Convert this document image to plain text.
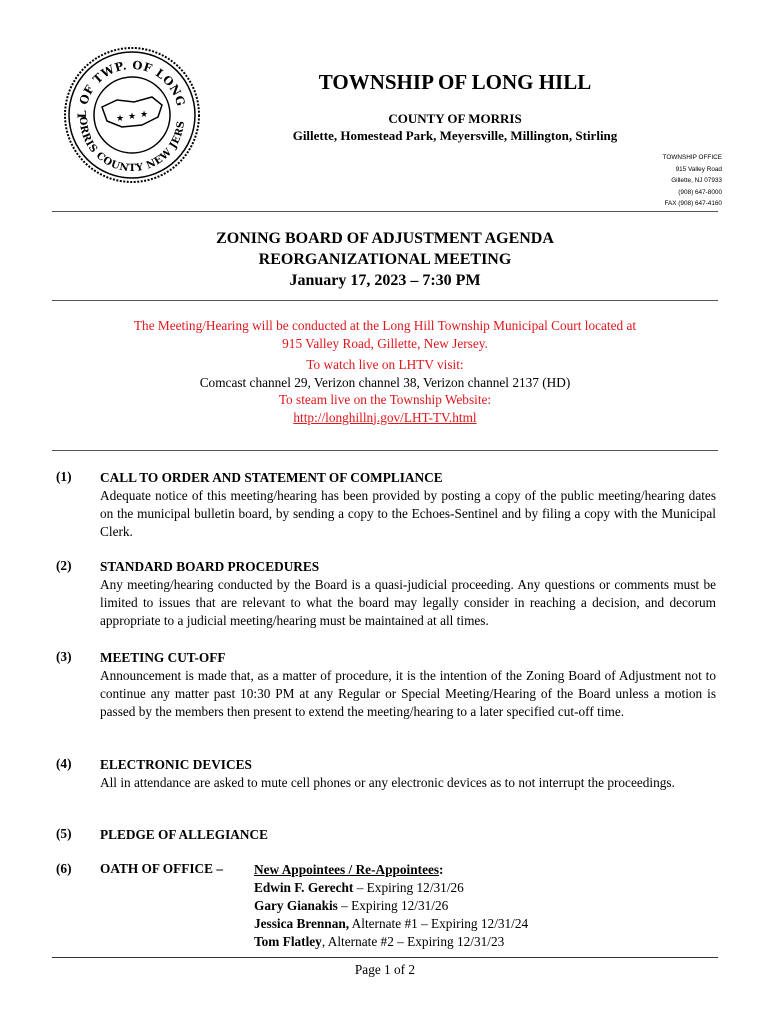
L OF TWP. OF LONG
ORRIS COUNTY NEW JERS
★ ★ ★
TOWNSHIP OF LONG HILL
COUNTY OF MORRIS
Gillette, Homestead Park, Meyersville, Millington, Stirling
TOWNSHIP OFFICE
915 Valley Road
Gillette, NJ 07933
(908) 647-8000
FAX (908) 647-4160
ZONING BOARD OF ADJUSTMENT AGENDA
REORGANIZATIONAL MEETING
January 17, 2023 – 7:30 PM
The Meeting/Hearing will be conducted at the Long Hill Township Municipal Court located at
915 Valley Road, Gillette, New Jersey.
To watch live on LHTV visit:
Comcast channel 29, Verizon channel 38, Verizon channel 2137 (HD)
To steam live on the Township Website:
http://longhillnj.gov/LHT-TV.html
(1) CALL TO ORDER AND STATEMENT OF COMPLIANCE
Adequate notice of this meeting/hearing has been provided by posting a copy of the public meeting/hearing dates on the municipal bulletin board, by sending a copy to the Echoes-Sentinel and by filing a copy with the Municipal Clerk.
(2) STANDARD BOARD PROCEDURES
Any meeting/hearing conducted by the Board is a quasi-judicial proceeding. Any questions or comments must be limited to issues that are relevant to what the board may legally consider in reaching a decision, and decorum appropriate to a judicial meeting/hearing must be maintained at all times.
(3) MEETING CUT-OFF
Announcement is made that, as a matter of procedure, it is the intention of the Zoning Board of Adjustment not to continue any matter past 10:30 PM at any Regular or Special Meeting/Hearing of the Board unless a motion is passed by the members then present to extend the meeting/hearing to a later specified cut-off time.
(4) ELECTRONIC DEVICES
All in attendance are asked to mute cell phones or any electronic devices as to not interrupt the proceedings.
(5) PLEDGE OF ALLEGIANCE
(6) OATH OF OFFICE – New Appointees / Re-Appointees:
Edwin F. Gerecht – Expiring 12/31/26
Gary Gianakis – Expiring 12/31/26
Jessica Brennan, Alternate #1 – Expiring 12/31/24
Tom Flatley, Alternate #2 – Expiring 12/31/23
Page 1 of 2
